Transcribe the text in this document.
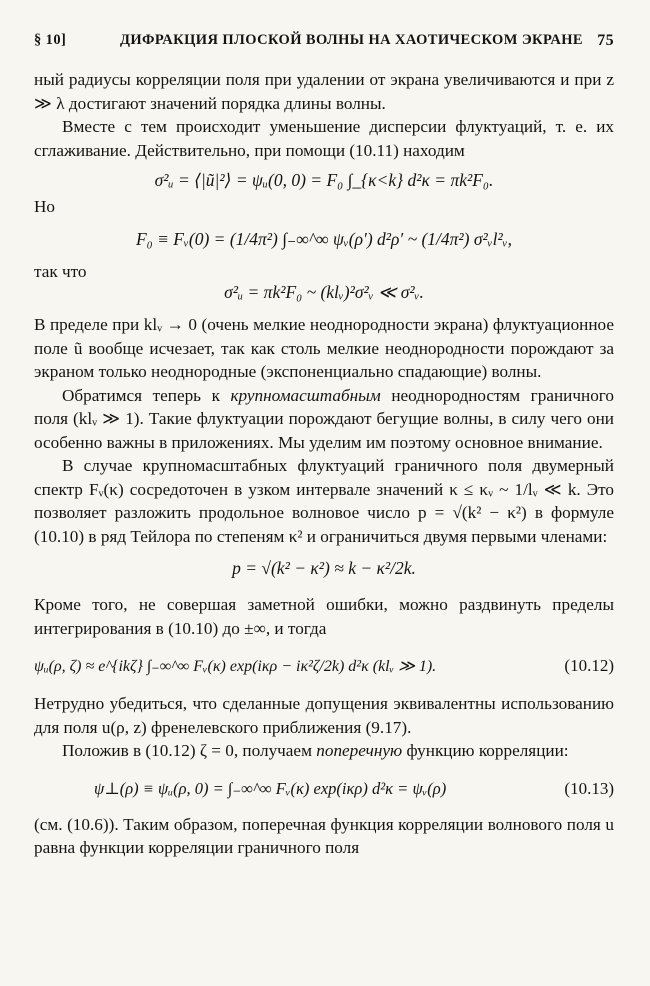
§ 10]	ДИФРАКЦИЯ ПЛОСКОЙ ВОЛНЫ НА ХАОТИЧЕСКОМ ЭКРАНЕ 75

ный радиусы корреляции поля при удалении от экрана увеличиваются и при z ≫ λ достигают значений порядка длины волны.

Вместе с тем происходит уменьшение дисперсии флуктуаций, т. е. их сглаживание. Действительно, при помощи (10.11) находим

σ²ᵤ = ⟨|ũ|²⟩ = ψᵤ(0, 0) = F₀ ∫_{κ<k} d²κ = πk²F₀.

Но

F₀ ≡ Fᵥ(0) = (1/4π²) ∫₋∞^∞ ψᵥ(ρ′) d²ρ′ ~ (1/4π²) σ²ᵥl²ᵥ,

так что

σ²ᵤ = πk²F₀ ~ (klᵥ)²σ²ᵥ ≪ σ²ᵥ.

В пределе при klᵥ → 0 (очень мелкие неоднородности экрана) флуктуационное поле ũ вообще исчезает, так как столь мелкие неоднородности порождают за экраном только неоднородные (экспоненциально спадающие) волны.

Обратимся теперь к крупномасштабным неоднородностям граничного поля (klᵥ ≫ 1). Такие флуктуации порождают бегущие волны, в силу чего они особенно важны в приложениях. Мы уделим им поэтому основное внимание.

В случае крупномасштабных флуктуаций граничного поля двумерный спектр Fᵥ(κ) сосредоточен в узком интервале значений κ ≤ κᵥ ~ 1/lᵥ ≪ k. Это позволяет разложить продольное волновое число p = √(k² − κ²) в формуле (10.10) в ряд Тейлора по степеням κ² и ограничиться двумя первыми членами:

p = √(k² − κ²) ≈ k − κ²/2k.

Кроме того, не совершая заметной ошибки, можно раздвинуть пределы интегрирования в (10.10) до ±∞, и тогда

ψᵤ(ρ, ζ) ≈ e^{ikζ} ∫₋∞^∞ Fᵥ(κ) exp(iκρ − iκ²ζ/2k) d²κ (klᵥ ≫ 1).	(10.12)

Нетрудно убедиться, что сделанные допущения эквивалентны использованию для поля u(ρ, z) френелевского приближения (9.17).

Положив в (10.12) ζ = 0, получаем поперечную функцию корреляции:

ψ⊥(ρ) ≡ ψᵤ(ρ, 0) = ∫₋∞^∞ Fᵥ(κ) exp(iκρ) d²κ = ψᵥ(ρ)	(10.13)

(см. (10.6)). Таким образом, поперечная функция корреляции волнового поля u равна функции корреляции граничного поля
